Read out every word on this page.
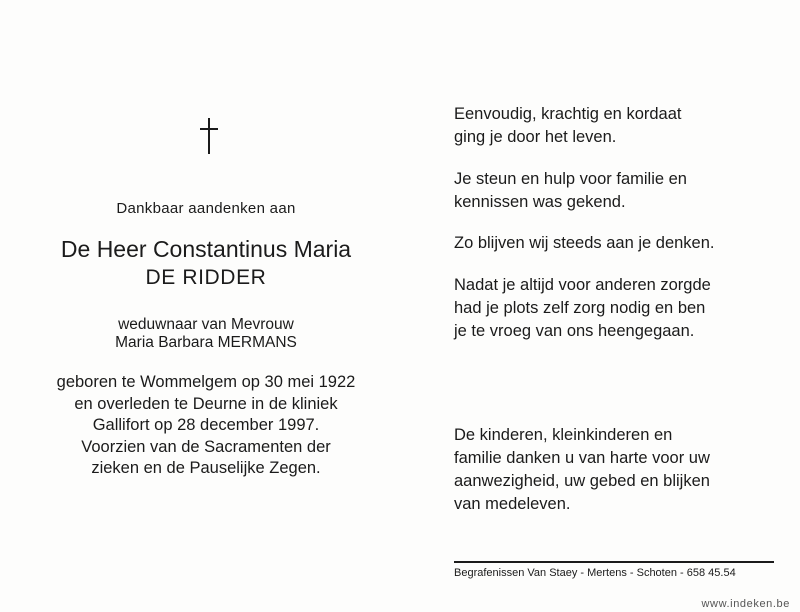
Dankbaar aandenken aan
De Heer Constantinus Maria
DE RIDDER
weduwnaar van Mevrouw
Maria Barbara MERMANS
geboren te Wommelgem op 30 mei 1922
en overleden te Deurne in de kliniek
Gallifort op 28 december 1997.
Voorzien van de Sacramenten der
zieken en de Pauselijke Zegen.
Eenvoudig, krachtig en kordaat
ging je door het leven.
Je steun en hulp voor familie en
kennissen was gekend.
Zo blijven wij steeds aan je denken.
Nadat je altijd voor anderen zorgde
had je plots zelf zorg nodig en ben
je te vroeg van ons heengegaan.
De kinderen, kleinkinderen en
familie danken u van harte voor uw
aanwezigheid, uw gebed en blijken
van medeleven.
Begrafenissen Van Staey - Mertens - Schoten - 658 45.54
www.indeken.be
